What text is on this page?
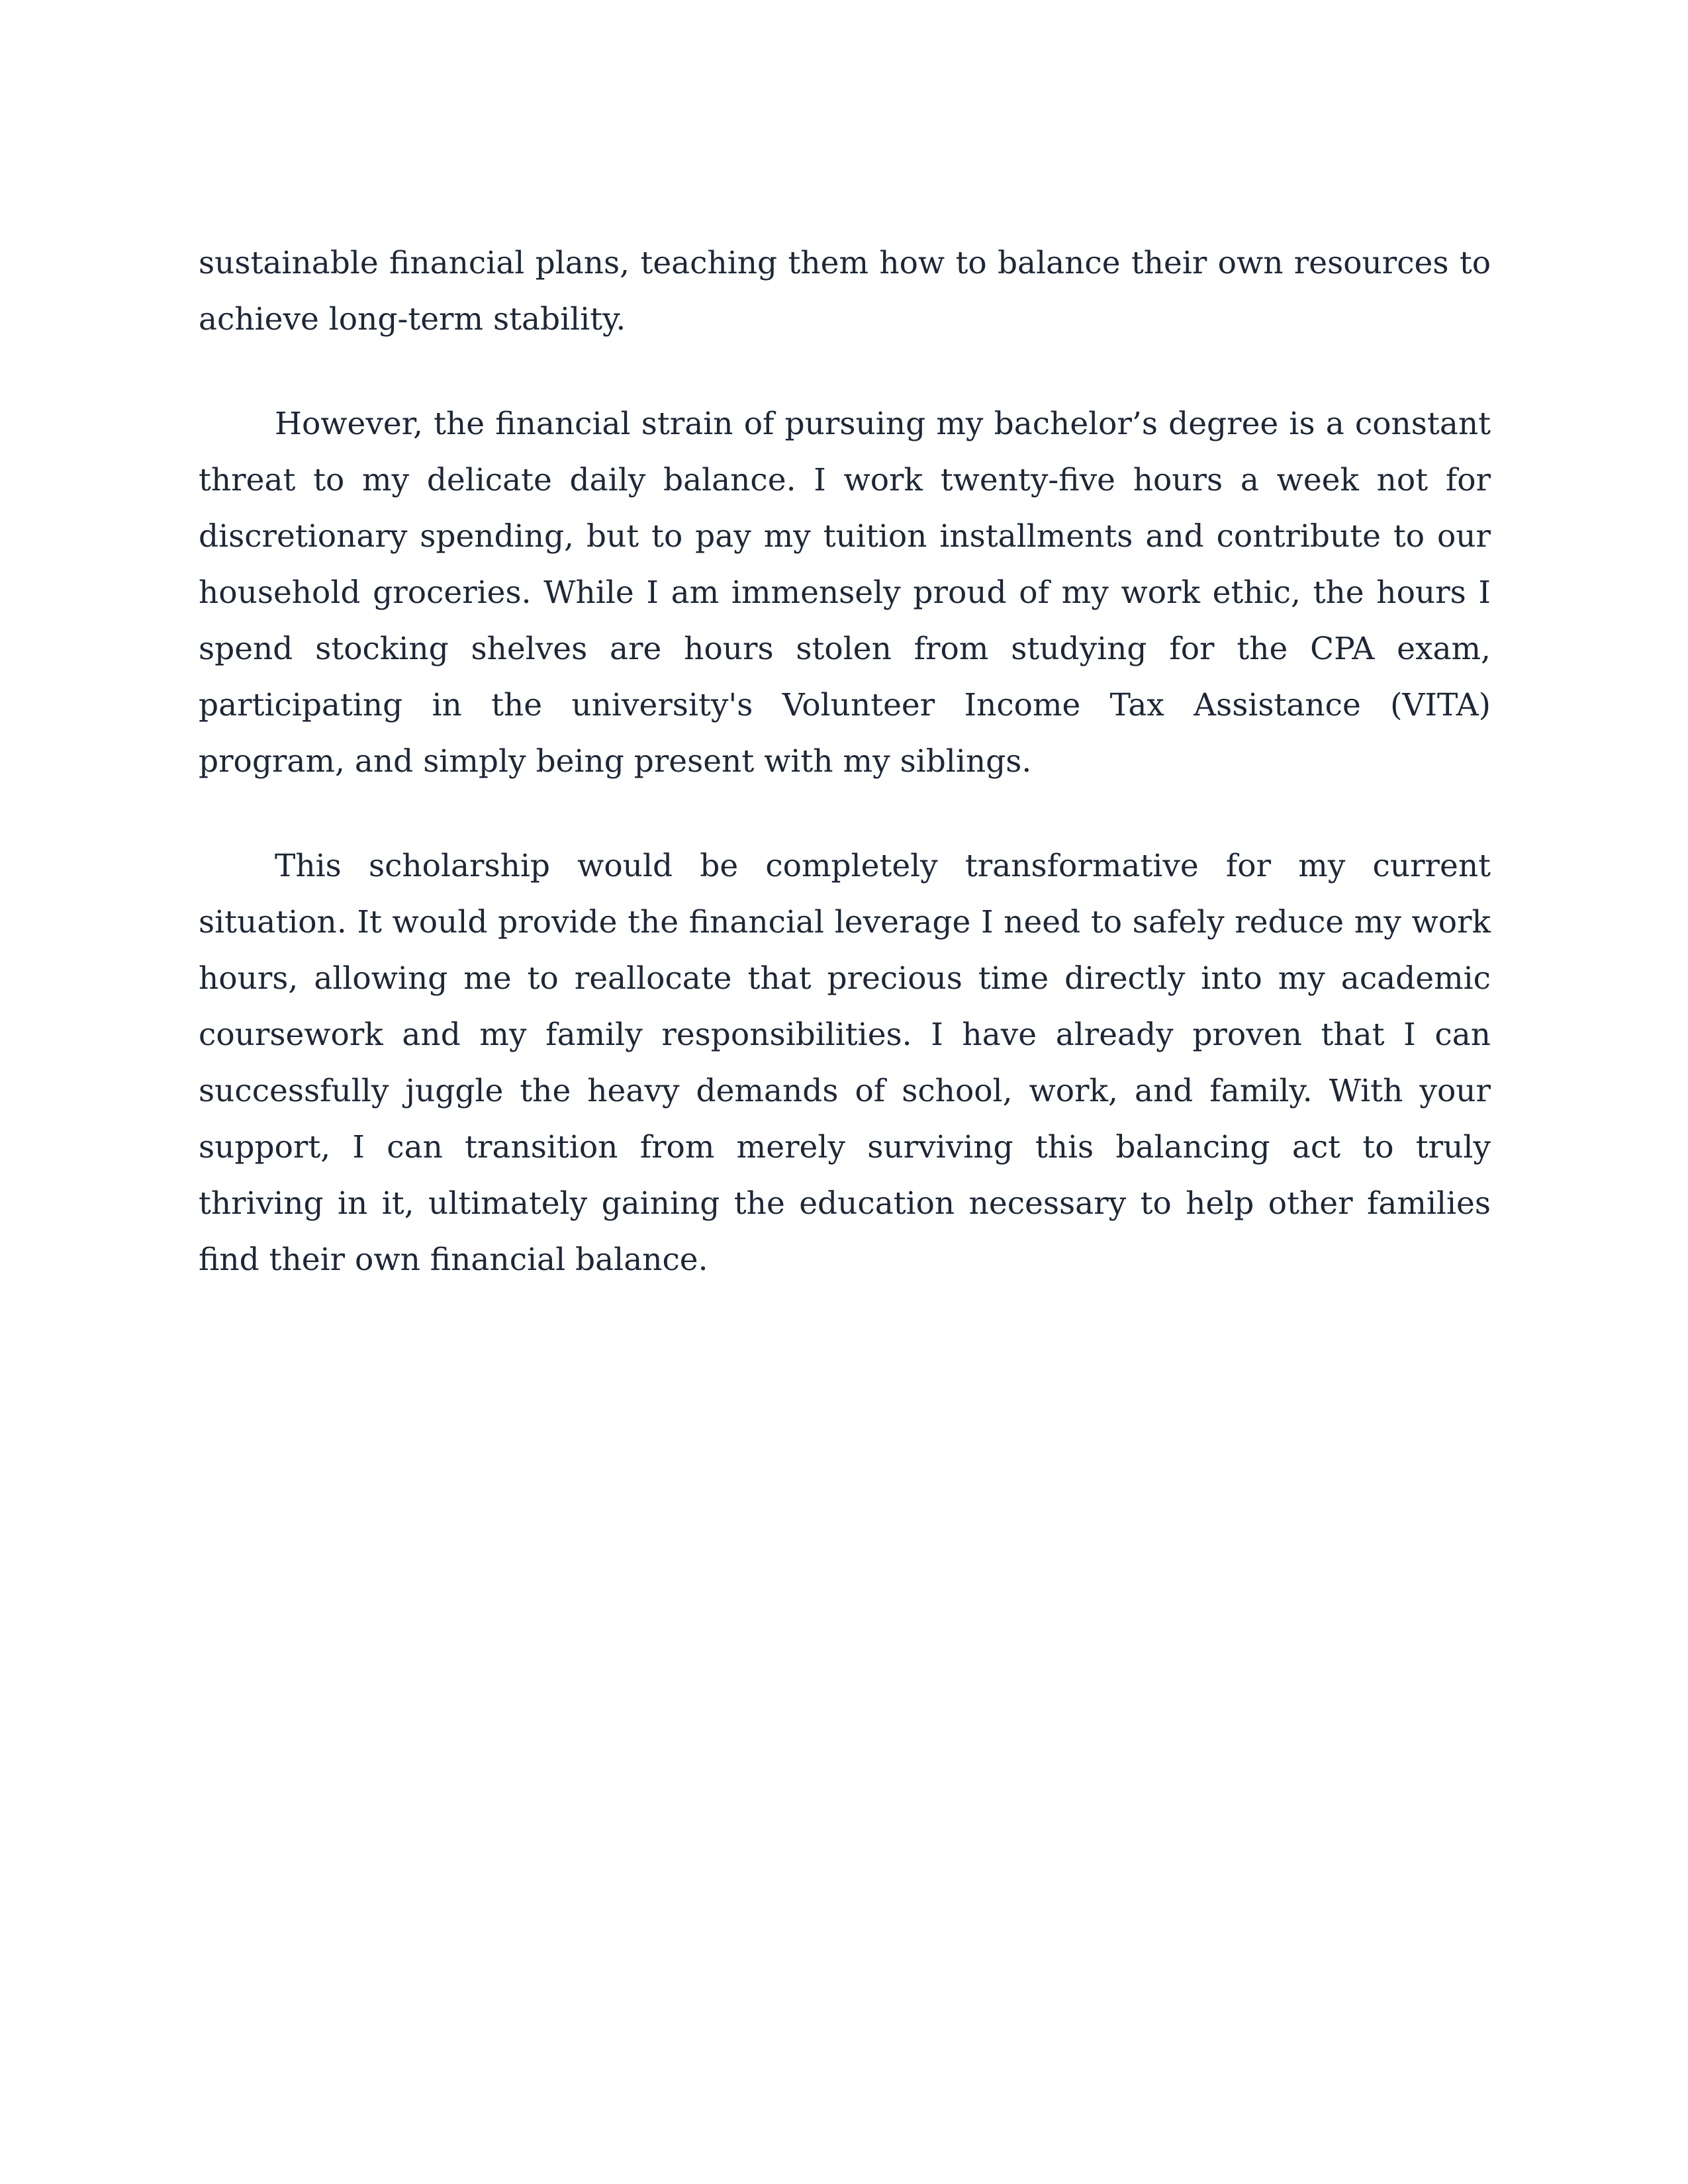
sustainable financial plans, teaching them how to balance their own resources to achieve long-term stability.

However, the financial strain of pursuing my bachelor’s degree is a constant threat to my delicate daily balance. I work twenty-five hours a week not for discretionary spending, but to pay my tuition installments and contribute to our household groceries. While I am immensely proud of my work ethic, the hours I spend stocking shelves are hours stolen from studying for the CPA exam, participating in the university's Volunteer Income Tax Assistance (VITA) program, and simply being present with my siblings.

This scholarship would be completely transformative for my current situation. It would provide the financial leverage I need to safely reduce my work hours, allowing me to reallocate that precious time directly into my academic coursework and my family responsibilities. I have already proven that I can successfully juggle the heavy demands of school, work, and family. With your support, I can transition from merely surviving this balancing act to truly thriving in it, ultimately gaining the education necessary to help other families find their own financial balance.
